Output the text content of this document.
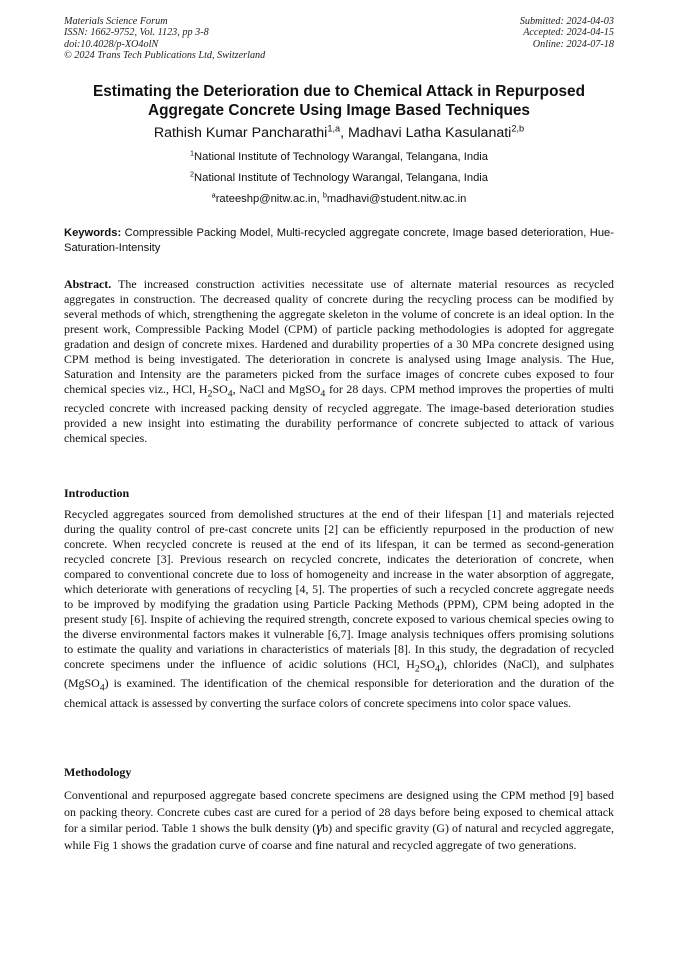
Materials Science Forum
ISSN: 1662-9752, Vol. 1123, pp 3-8
doi:10.4028/p-XO4olN
© 2024 Trans Tech Publications Ltd, Switzerland
Submitted: 2024-04-03
Accepted: 2024-04-15
Online: 2024-07-18
Estimating the Deterioration due to Chemical Attack in Repurposed
Aggregate Concrete Using Image Based Techniques
Rathish Kumar Pancharathi$^{1,a}$, Madhavi Latha Kasulanati$^{2,b}$
$^1$National Institute of Technology Warangal, Telangana, India
$^2$National Institute of Technology Warangal, Telangana, India
$^a$rateeshp@nitw.ac.in, $^b$madhavi@student.nitw.ac.in
Keywords: Compressible Packing Model, Multi-recycled aggregate concrete, Image based deterioration, Hue-Saturation-Intensity
Abstract. The increased construction activities necessitate use of alternate material resources as recycled aggregates in construction. The decreased quality of concrete during the recycling process can be modified by several methods of which, strengthening the aggregate skeleton in the volume of concrete is an ideal option. In the present work, Compressible Packing Model (CPM) of particle packing methodologies is adopted for aggregate gradation and design of concrete mixes. Hardened and durability properties of a 30 MPa concrete designed using CPM method is being investigated. The deterioration in concrete is analysed using Image analysis. The Hue, Saturation and Intensity are the parameters picked from the surface images of concrete cubes exposed to four chemical species viz., HCl, $H_2SO_4$, NaCl and MgSO$_4$ for 28 days. CPM method improves the properties of multi recycled concrete with increased packing density of recycled aggregate. The image-based deterioration studies provided a new insight into estimating the durability performance of concrete subjected to attack of various chemical species.
Introduction
Recycled aggregates sourced from demolished structures at the end of their lifespan [1] and materials rejected during the quality control of pre-cast concrete units [2] can be efficiently repurposed in the production of new concrete. When recycled concrete is reused at the end of its lifespan, it can be termed as second-generation recycled concrete [3]. Previous research on recycled concrete, indicates the deterioration of concrete, when compared to conventional concrete due to loss of homogeneity and increase in the water absorption of aggregate, which deteriorate with generations of recycling [4, 5]. The properties of such a recycled concrete aggregate needs to be improved by modifying the gradation using Particle Packing Methods (PPM), CPM being adopted in the present study [6]. Inspite of achieving the required strength, concrete exposed to various chemical species owing to the diverse environmental factors makes it vulnerable [6,7]. Image analysis techniques offers promising solutions to estimate the quality and variations in characteristics of materials [8]. In this study, the degradation of recycled concrete specimens under the influence of acidic solutions (HCl, $H_2SO_4$), chlorides (NaCl), and sulphates (MgSO$_4$) is examined. The identification of the chemical responsible for deterioration and the duration of the chemical attack is assessed by converting the surface colors of concrete specimens into color space values.
Methodology
Conventional and repurposed aggregate based concrete specimens are designed using the CPM method [9] based on packing theory. Concrete cubes cast are cured for a period of 28 days before being exposed to chemical attack for a similar period. Table 1 shows the bulk density (γb) and specific gravity (G) of natural and recycled aggregate, while Fig 1 shows the gradation curve of coarse and fine natural and recycled aggregate of two generations.
